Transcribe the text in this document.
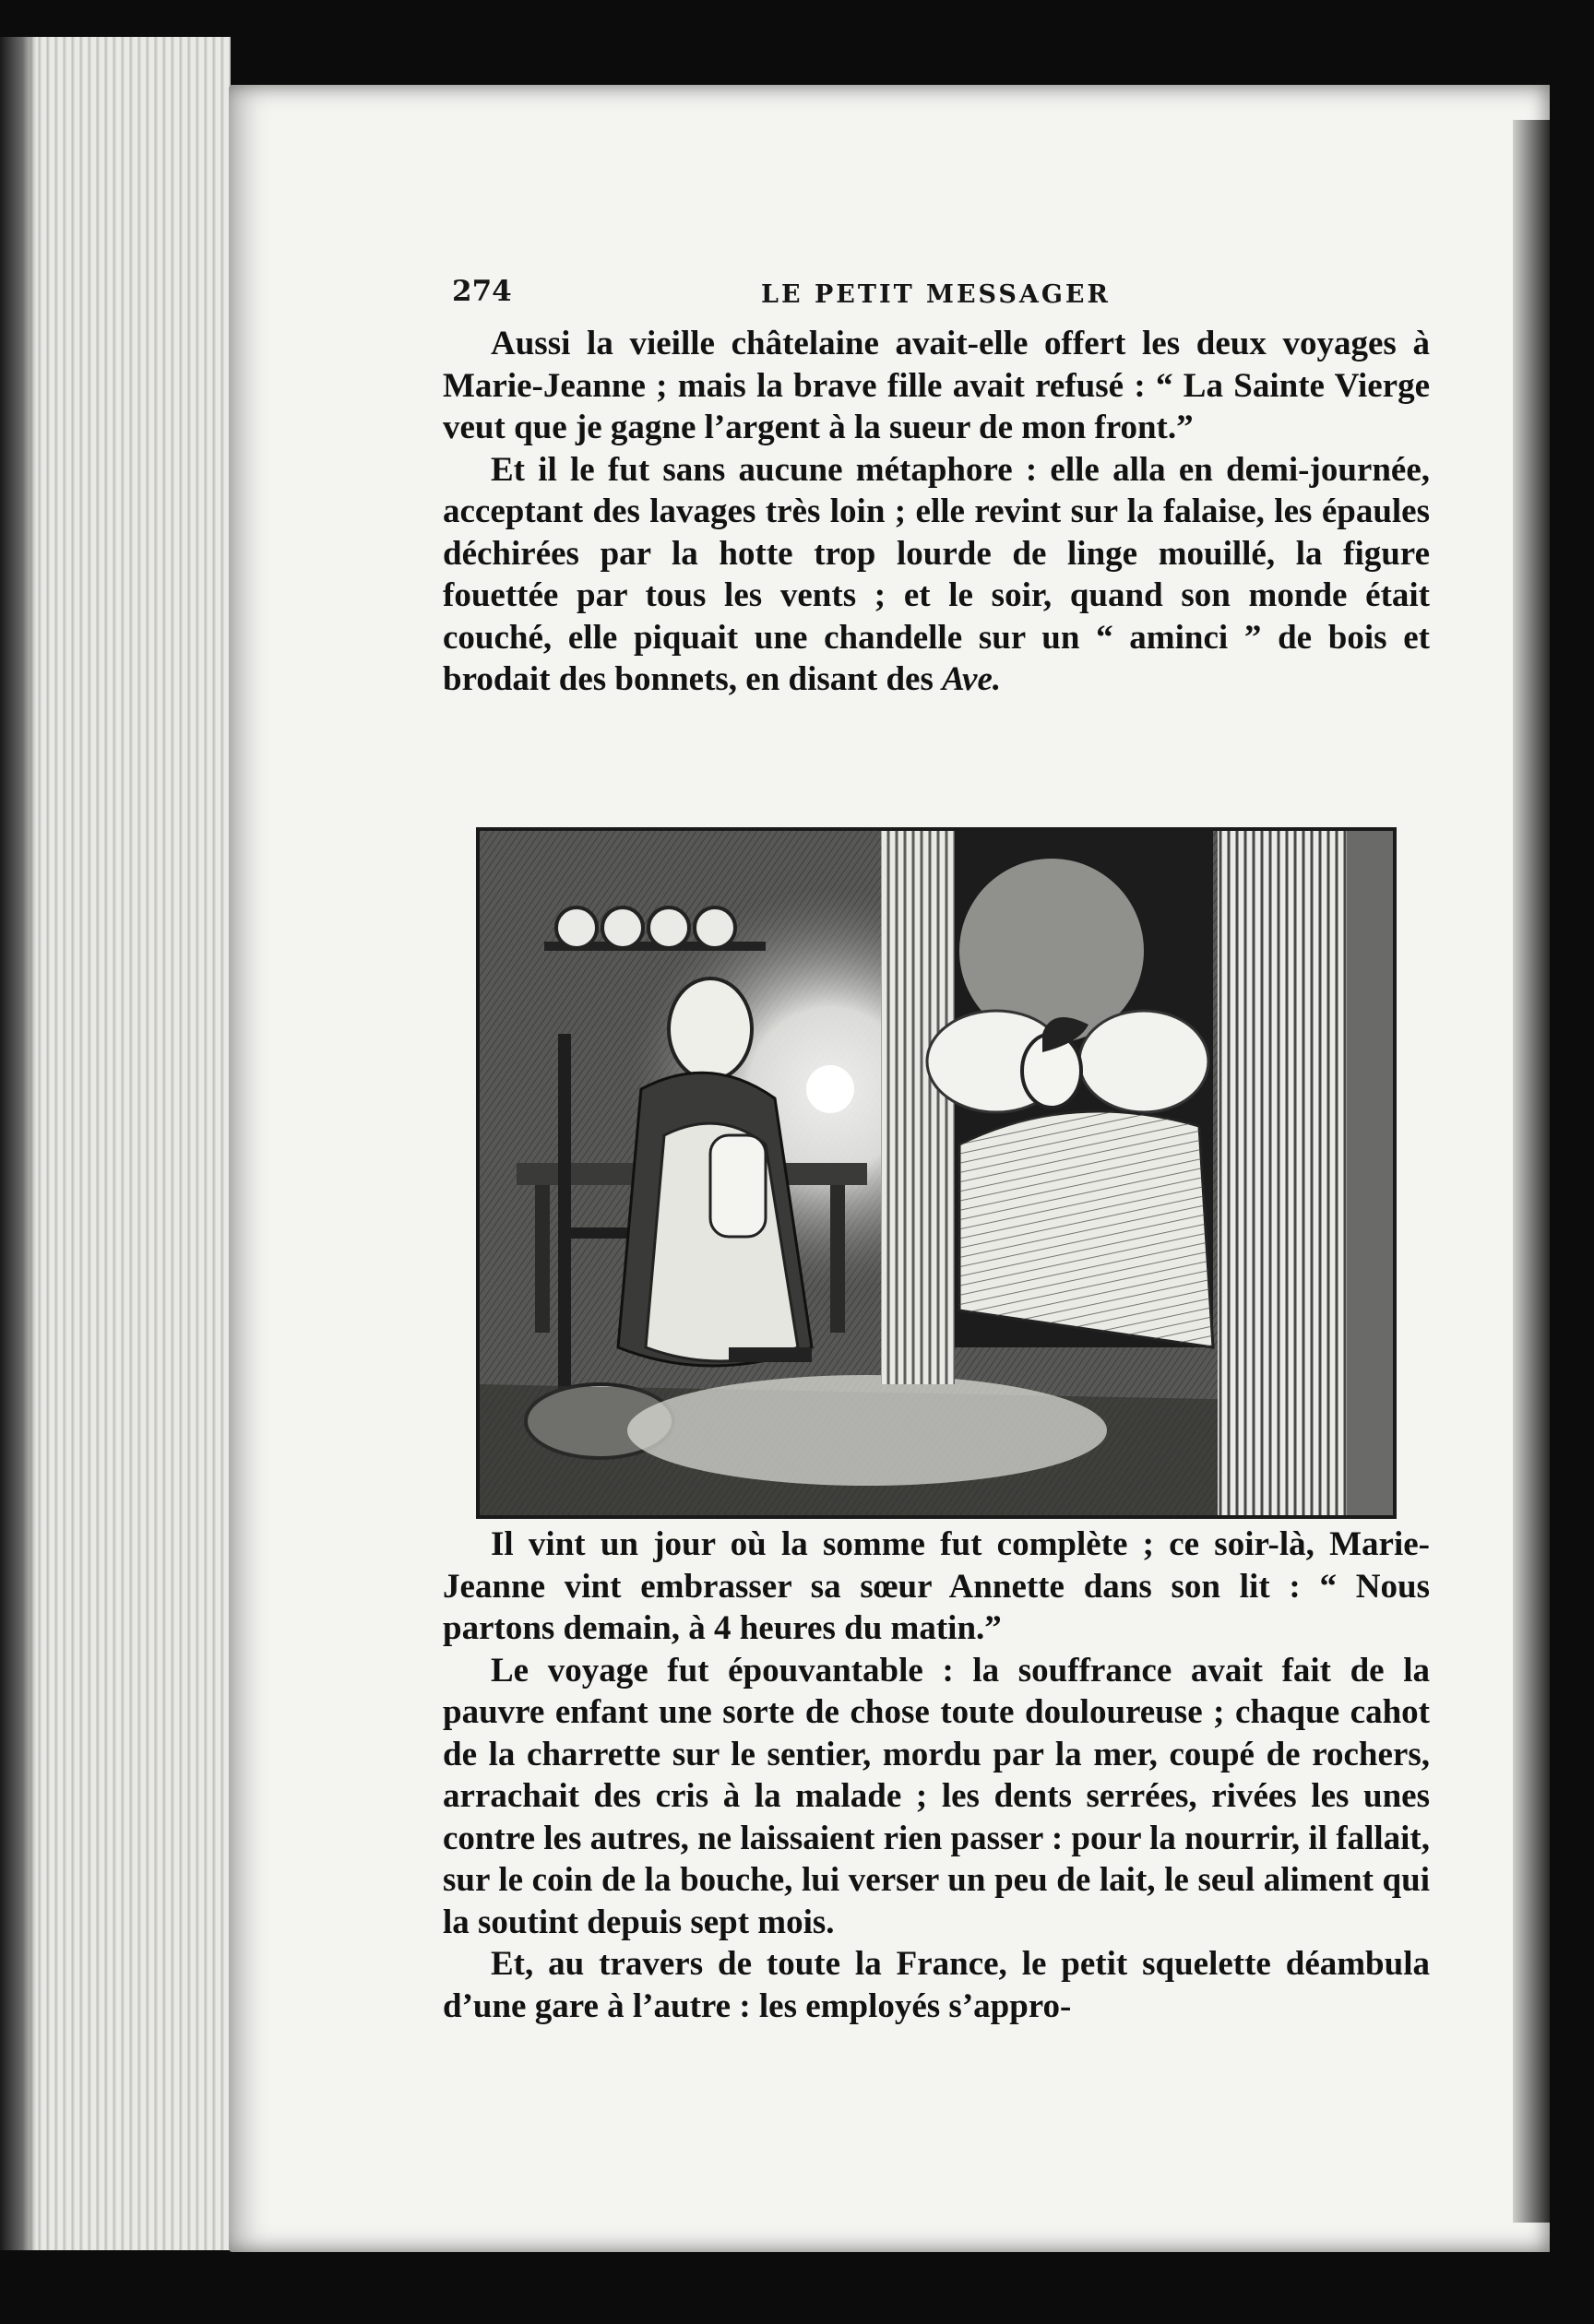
274	LE PETIT MESSAGER

Aussi la vieille châtelaine avait-elle offert les deux voyages à Marie-Jeanne ; mais la brave fille avait refusé : “ La Sainte Vierge veut que je gagne l’argent à la sueur de mon front.”

Et il le fut sans aucune métaphore : elle alla en demi-journée, acceptant des lavages très loin ; elle revint sur la falaise, les épaules déchirées par la hotte trop lourde de linge mouillé, la figure fouettée par tous les vents ; et le soir, quand son monde était couché, elle piquait une chandelle sur un “ aminci ” de bois et brodait des bonnets, en disant des Ave.

Il vint un jour où la somme fut complète ; ce soir-là, Marie-Jeanne vint embrasser sa sœur Annette dans son lit : “ Nous partons demain, à 4 heures du matin.”

Le voyage fut épouvantable : la souffrance avait fait de la pauvre enfant une sorte de chose toute douloureuse ; chaque cahot de la charrette sur le sentier, mordu par la mer, coupé de rochers, arrachait des cris à la malade ; les dents serrées, rivées les unes contre les autres, ne laissaient rien passer : pour la nourrir, il fallait, sur le coin de la bouche, lui verser un peu de lait, le seul aliment qui la soutint depuis sept mois.

Et, au travers de toute la France, le petit squelette déambula d’une gare à l’autre : les employés s’appro-
